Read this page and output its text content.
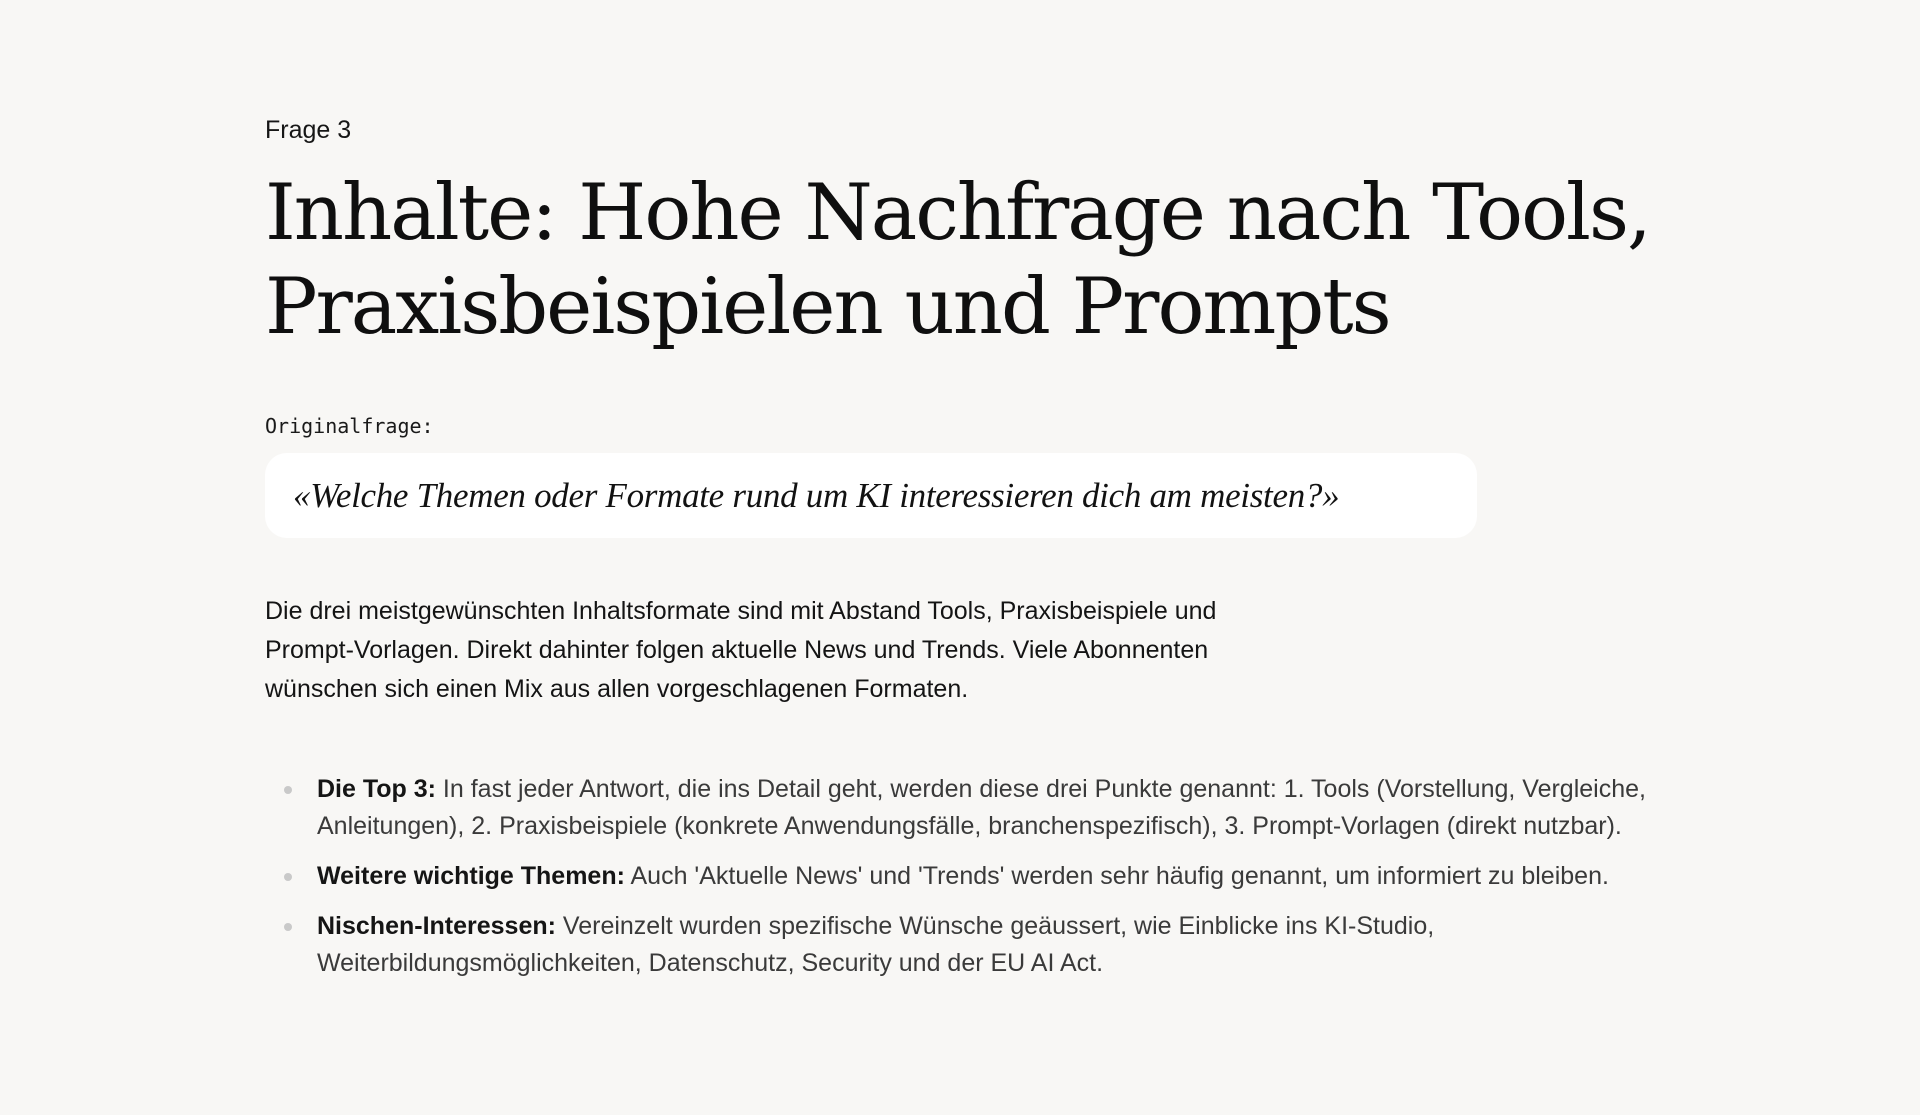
Frage 3

Inhalte: Hohe Nachfrage nach Tools, Praxisbeispielen und Prompts
Originalfrage:
«Welche Themen oder Formate rund um KI interessieren dich am meisten?»

Die drei meistgewünschten Inhaltsformate sind mit Abstand Tools, Praxisbeispiele und Prompt-Vorlagen. Direkt dahinter folgen aktuelle News und Trends. Viele Abonnenten wünschen sich einen Mix aus allen vorgeschlagenen Formaten.

Die Top 3: In fast jeder Antwort, die ins Detail geht, werden diese drei Punkte genannt: 1. Tools (Vorstellung, Vergleiche, Anleitungen), 2. Praxisbeispiele (konkrete Anwendungsfälle, branchenspezifisch), 3. Prompt-Vorlagen (direkt nutzbar).
Weitere wichtige Themen: Auch 'Aktuelle News' und 'Trends' werden sehr häufig genannt, um informiert zu bleiben.
Nischen-Interessen: Vereinzelt wurden spezifische Wünsche geäussert, wie Einblicke ins KI-Studio, Weiterbildungsmöglichkeiten, Datenschutz, Security und der EU AI Act.
